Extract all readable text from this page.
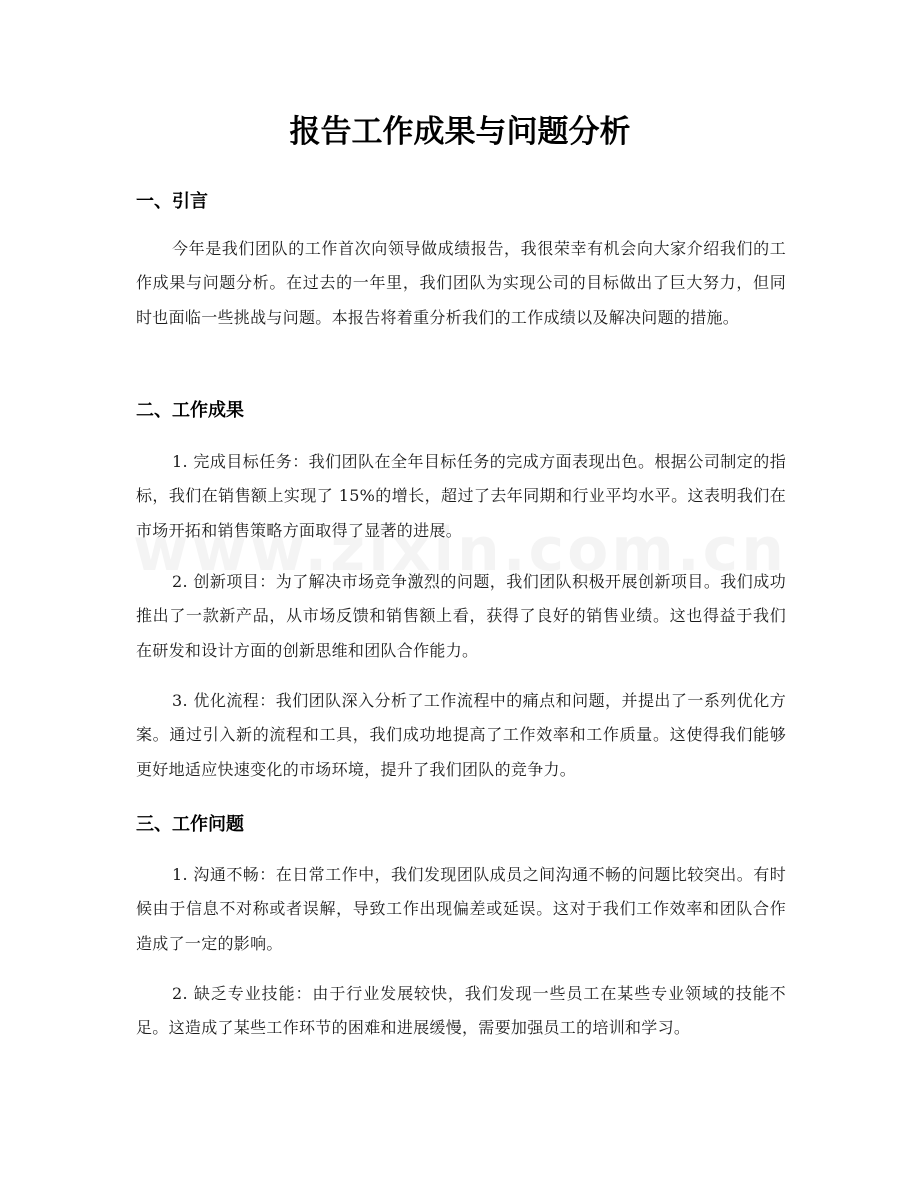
报告工作成果与问题分析
一、引言
今年是我们团队的工作首次向领导做成绩报告，我很荣幸有机会向大家介绍我们的工作成果与问题分析。在过去的一年里，我们团队为实现公司的目标做出了巨大努力，但同时也面临一些挑战与问题。本报告将着重分析我们的工作成绩以及解决问题的措施。
二、工作成果
1. 完成目标任务：我们团队在全年目标任务的完成方面表现出色。根据公司制定的指标，我们在销售额上实现了 15%的增长，超过了去年同期和行业平均水平。这表明我们在市场开拓和销售策略方面取得了显著的进展。
2. 创新项目：为了解决市场竞争激烈的问题，我们团队积极开展创新项目。我们成功推出了一款新产品，从市场反馈和销售额上看，获得了良好的销售业绩。这也得益于我们在研发和设计方面的创新思维和团队合作能力。
3. 优化流程：我们团队深入分析了工作流程中的痛点和问题，并提出了一系列优化方案。通过引入新的流程和工具，我们成功地提高了工作效率和工作质量。这使得我们能够更好地适应快速变化的市场环境，提升了我们团队的竞争力。
三、工作问题
1. 沟通不畅：在日常工作中，我们发现团队成员之间沟通不畅的问题比较突出。有时候由于信息不对称或者误解，导致工作出现偏差或延误。这对于我们工作效率和团队合作造成了一定的影响。
2. 缺乏专业技能：由于行业发展较快，我们发现一些员工在某些专业领域的技能不足。这造成了某些工作环节的困难和进展缓慢，需要加强员工的培训和学习。
